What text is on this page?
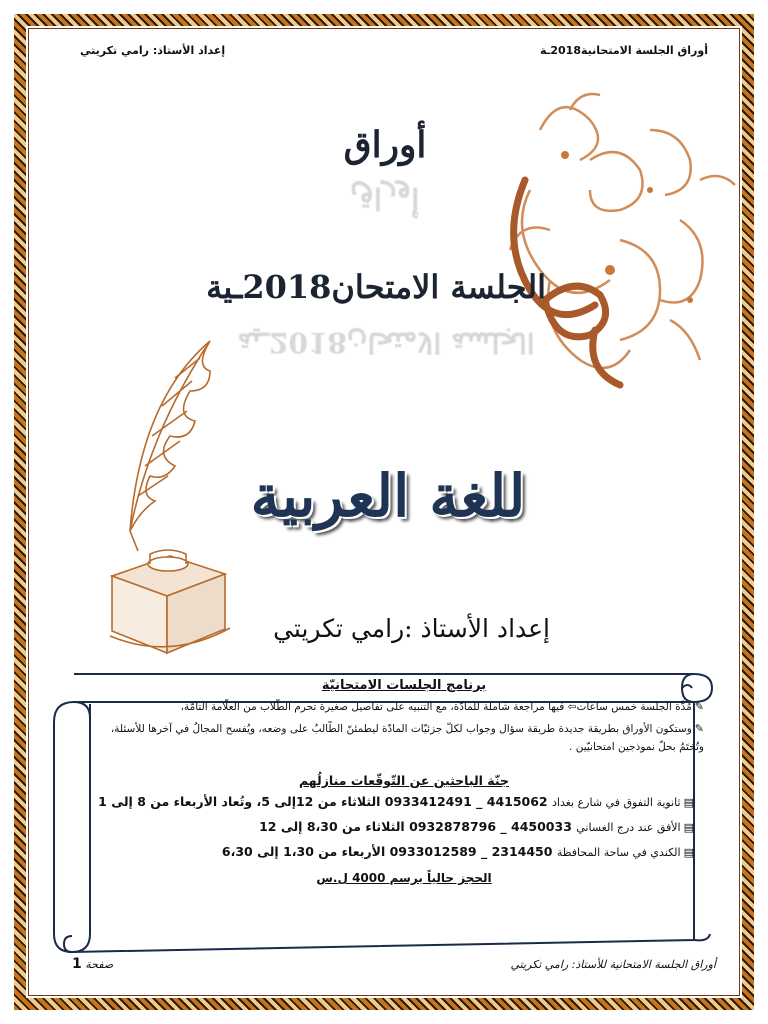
أوراق الجلسة الامتحانية2018ـة
إعداد الأستاذ: رامي تكريتي
أوراق
أوراق
الجلسة الامتحان2018ـية
الجلسة الامتحان2018ـية
للغة العربية
إعداد الأستاذ :رامي تكريتي
برنامج الجلسات الامتحانيّة
✎مُدَّة الجلسة خمس ساعات⇦ فيها مراجعة شاملة للمادّة، مع التنبيه على تفاصيل صغيرة تحرم الطُّلاب من العلّامة التامّة،
✎وستكون الأوراق بطريقة جديدة طريقة سؤال وجواب لكلّ جزئيّات المادّة ليطمئنّ الطّالبُ على وضعه، ويُفسح المجالُ في آخرها للأسئلة،
وتُختَمُ بحلّ نموذجين امتحانيّين .
جنّة الباحثين عن التّوقّعات منازلُهم
▤ثانوية التفوق في شارع بغداد 4415062 _ 0933412491 الثلاثاء من 12إلى 5، وتُعاد الأربعاء من 8 إلى 1
▤الأفق عند درج الغساني 4450033 _ 0932878796 الثلاثاء من 8،30 إلى 12
▤الكندي في ساحة المحافظة 2314450 _ 0933012589 الأربعاء من 1،30 إلى 6،30
الحجز حالياً برسم 4000 ل.س
صفحة 1	أوراق الجلسة الامتحانية للأستاذ: رامي تكريتي
